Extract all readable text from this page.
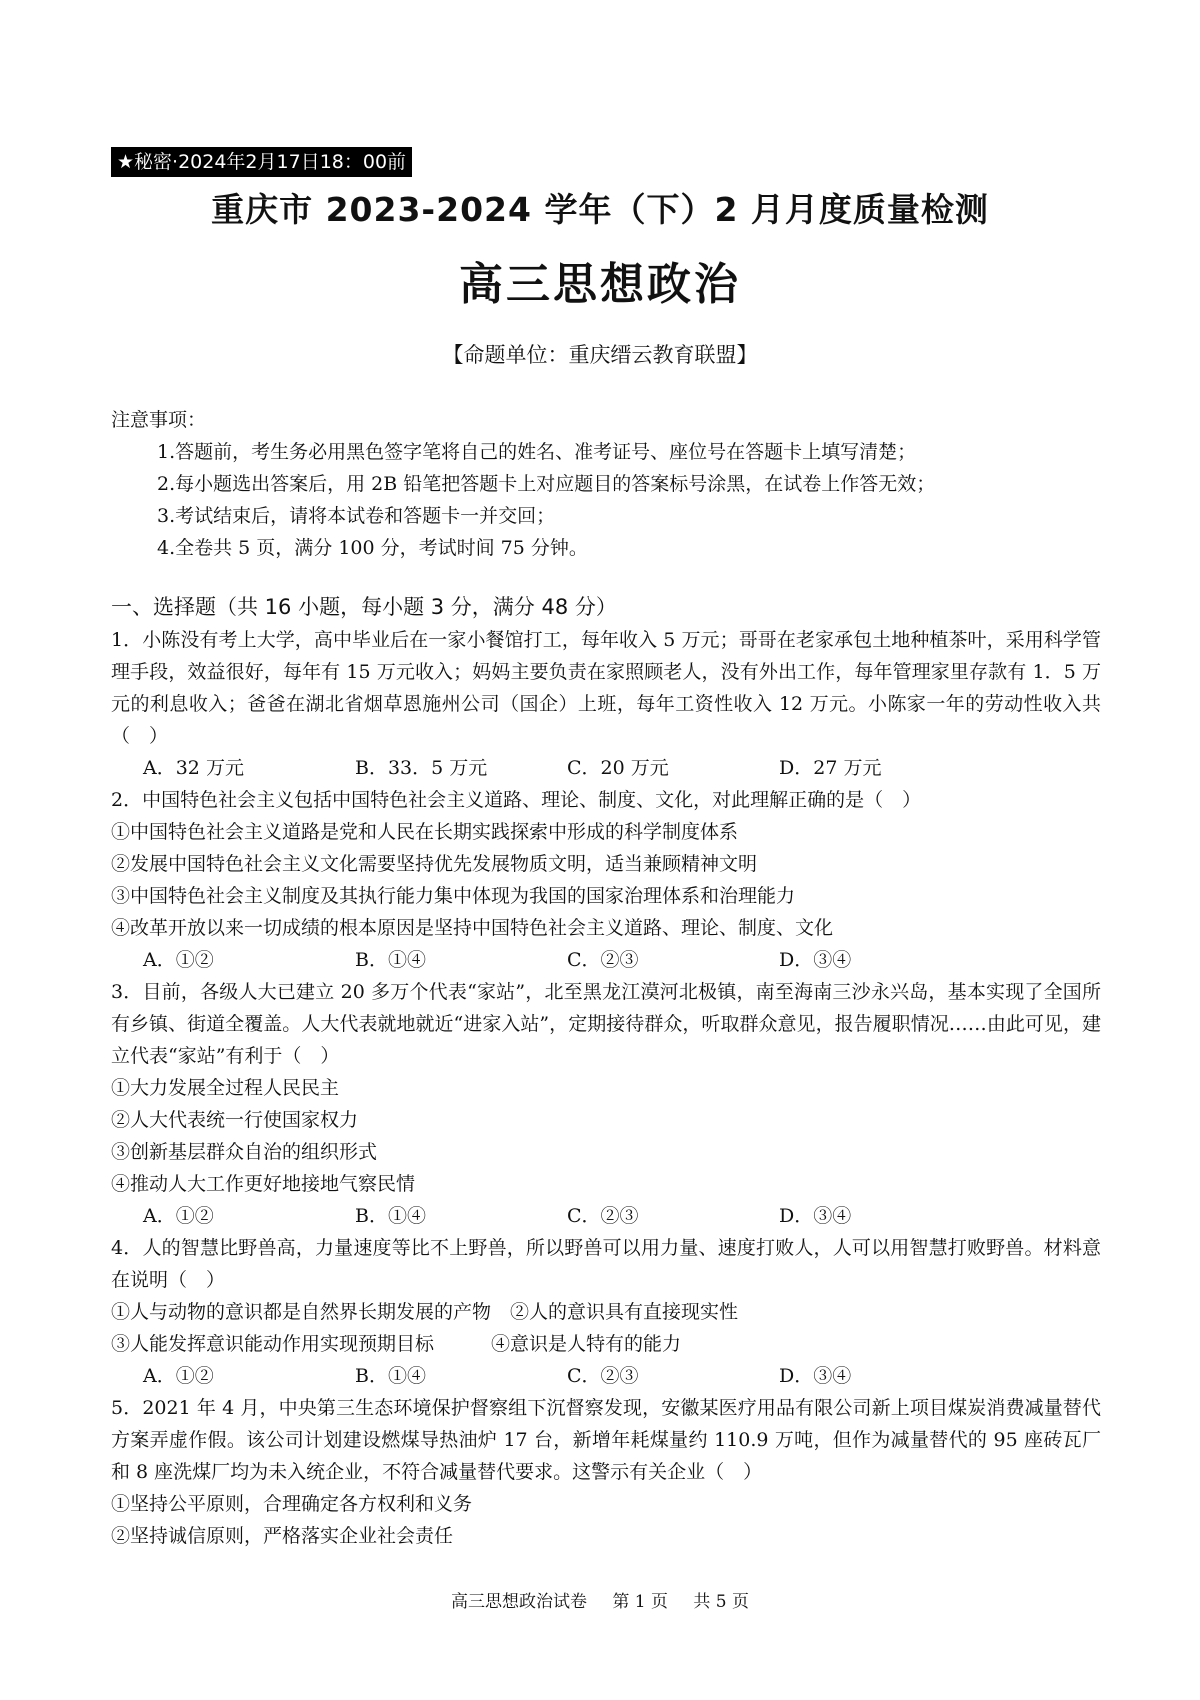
★秘密·2024年2月17日18：00前
重庆市 2023-2024 学年（下）2 月月度质量检测
高三思想政治
【命题单位：重庆缙云教育联盟】
注意事项：
1.答题前，考生务必用黑色签字笔将自己的姓名、准考证号、座位号在答题卡上填写清楚；
2.每小题选出答案后，用 2B 铅笔把答题卡上对应题目的答案标号涂黑，在试卷上作答无效；
3.考试结束后，请将本试卷和答题卡一并交回；
4.全卷共 5 页，满分 100 分，考试时间 75 分钟。
一、选择题（共 16 小题，每小题 3 分，满分 48 分）

1．小陈没有考上大学，高中毕业后在一家小餐馆打工，每年收入 5 万元；哥哥在老家承包土地种植茶叶，采用科学管理手段，效益很好，每年有 15 万元收入；妈妈主要负责在家照顾老人，没有外出工作，每年管理家里存款有 1．5 万元的利息收入；爸爸在湖北省烟草恩施州公司（国企）上班，每年工资性收入 12 万元。小陈家一年的劳动性收入共（　）

A．32 万元	B．33．5 万元	C．20 万元	D．27 万元

2．中国特色社会主义包括中国特色社会主义道路、理论、制度、文化，对此理解正确的是（　）

①中国特色社会主义道路是党和人民在长期实践探索中形成的科学制度体系

②发展中国特色社会主义文化需要坚持优先发展物质文明，适当兼顾精神文明

③中国特色社会主义制度及其执行能力集中体现为我国的国家治理体系和治理能力

④改革开放以来一切成绩的根本原因是坚持中国特色社会主义道路、理论、制度、文化

A．①②	B．①④	C．②③	D．③④

3．目前，各级人大已建立 20 多万个代表“家站”，北至黑龙江漠河北极镇，南至海南三沙永兴岛，基本实现了全国所有乡镇、街道全覆盖。人大代表就地就近“进家入站”，定期接待群众，听取群众意见，报告履职情况……由此可见，建立代表“家站”有利于（　）

①大力发展全过程人民民主

②人大代表统一行使国家权力

③创新基层群众自治的组织形式

④推动人大工作更好地接地气察民情

A．①②	B．①④	C．②③	D．③④

4．人的智慧比野兽高，力量速度等比不上野兽，所以野兽可以用力量、速度打败人，人可以用智慧打败野兽。材料意在说明（　）

①人与动物的意识都是自然界长期发展的产物　②人的意识具有直接现实性

③人能发挥意识能动作用实现预期目标　　　④意识是人特有的能力

A．①②	B．①④	C．②③	D．③④

5．2021 年 4 月，中央第三生态环境保护督察组下沉督察发现，安徽某医疗用品有限公司新上项目煤炭消费减量替代方案弄虚作假。该公司计划建设燃煤导热油炉 17 台，新增年耗煤量约 110.9 万吨，但作为减量替代的 95 座砖瓦厂和 8 座洗煤厂均为未入统企业，不符合减量替代要求。这警示有关企业（　）

①坚持公平原则，合理确定各方权利和义务

②坚持诚信原则，严格落实企业社会责任

高三思想政治试卷 第 1 页 共 5 页
